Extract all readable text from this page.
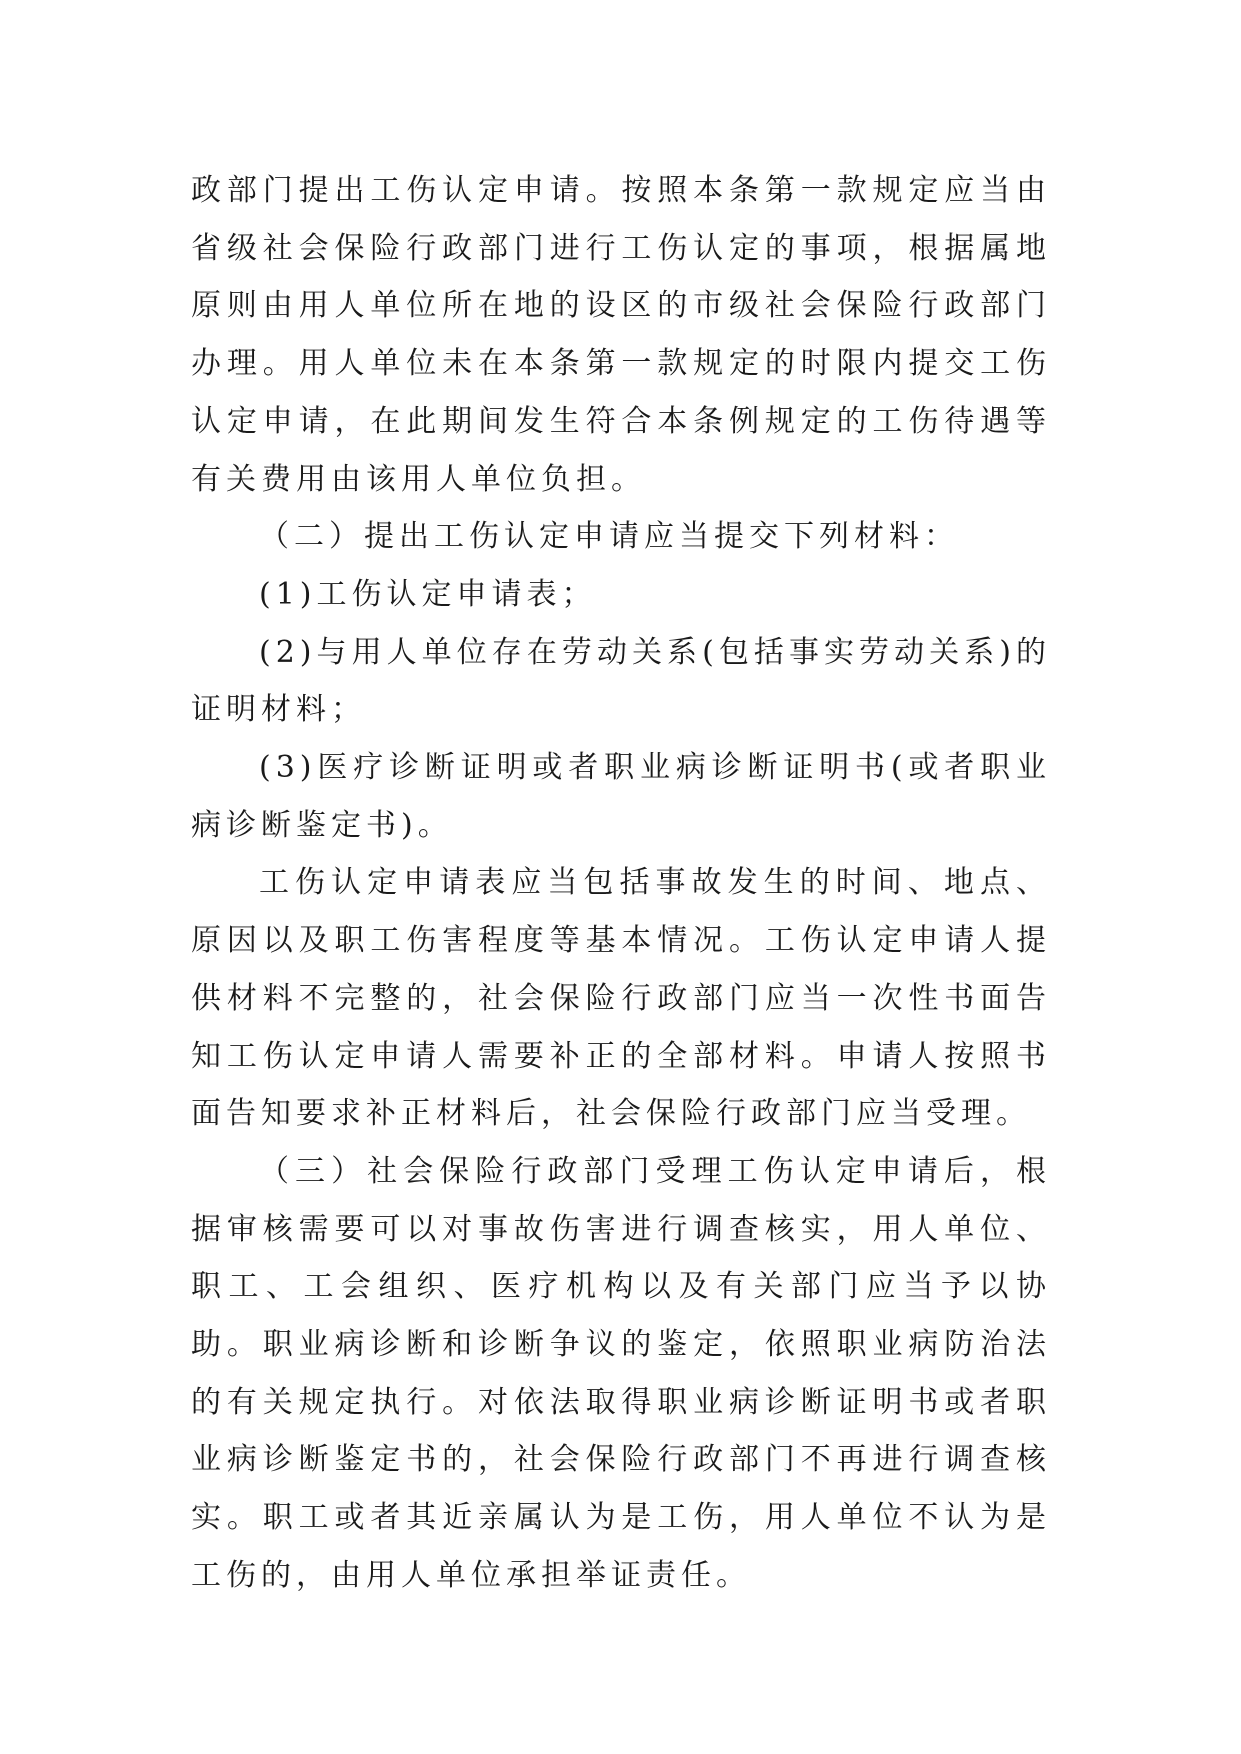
政部门提出工伤认定申请。按照本条第一款规定应当由省级社会保险行政部门进行工伤认定的事项，根据属地原则由用人单位所在地的设区的市级社会保险行政部门办理。用人单位未在本条第一款规定的时限内提交工伤认定申请，在此期间发生符合本条例规定的工伤待遇等有关费用由该用人单位负担。

（二）提出工伤认定申请应当提交下列材料：

(1)工伤认定申请表；

(2)与用人单位存在劳动关系(包括事实劳动关系)的证明材料；

(3)医疗诊断证明或者职业病诊断证明书(或者职业病诊断鉴定书)。

工伤认定申请表应当包括事故发生的时间、地点、原因以及职工伤害程度等基本情况。工伤认定申请人提供材料不完整的，社会保险行政部门应当一次性书面告知工伤认定申请人需要补正的全部材料。申请人按照书面告知要求补正材料后，社会保险行政部门应当受理。

（三）社会保险行政部门受理工伤认定申请后，根据审核需要可以对事故伤害进行调查核实，用人单位、职工、工会组织、医疗机构以及有关部门应当予以协助。职业病诊断和诊断争议的鉴定，依照职业病防治法的有关规定执行。对依法取得职业病诊断证明书或者职业病诊断鉴定书的，社会保险行政部门不再进行调查核实。职工或者其近亲属认为是工伤，用人单位不认为是工伤的，由用人单位承担举证责任。
